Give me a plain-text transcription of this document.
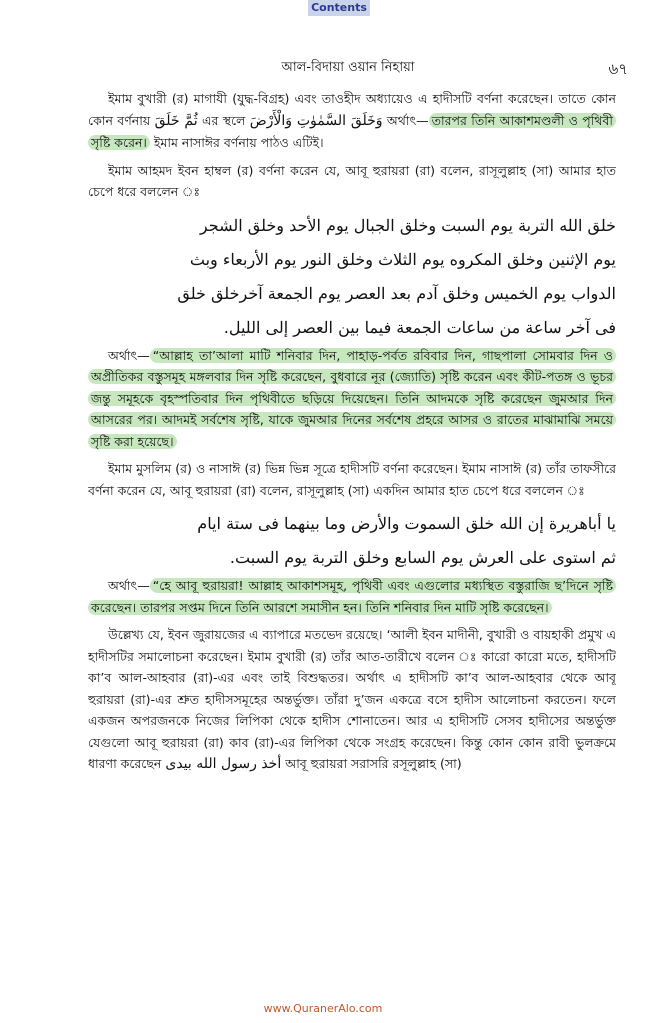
Contents
আল-বিদায়া ওয়ান নিহায়া	৬৭

ইমাম বুখারী (র) মাগাযী (যুদ্ধ-বিগ্রহ) এবং তাওহীদ অধ্যায়েও এ হাদীসটি বর্ণনা করেছেন। তাতে কোন কোন বর্ণনায় ثُمَّ خَلَقَ এর স্থলে وَخَلَقَ السَّمٰوٰتِ وَالْأَرْضَ অর্থাৎ— তারপর তিনি আকাশমণ্ডলী ও পৃথিবী সৃষ্টি করেন। ইমাম নাসাঈর বর্ণনায় পাঠও এটিই।

ইমাম আহমদ ইবন হাম্বল (র) বর্ণনা করেন যে, আবূ হুরায়রা (রা) বলেন, রাসূলুল্লাহ (সা) আমার হাত চেপে ধরে বললেন ঃ

خلق الله التربة يوم السبت وخلق الجبال يوم الأحد وخلق الشجر

يوم الإثنين وخلق المكروه يوم الثلاث وخلق النور يوم الأربعاء وبث

الدواب يوم الخميس وخلق آدم بعد العصر يوم الجمعة آخرخلق خلق

فى آخر ساعة من ساعات الجمعة فيما بين العصر إلى الليل.

অর্থাৎ— “আল্লাহ তা’আলা মাটি শনিবার দিন, পাহাড়-পর্বত রবিবার দিন, গাছপালা সোমবার দিন ও অপ্রীতিকর বস্তুসমূহ মঙ্গলবার দিন সৃষ্টি করেছেন, বুধবারে নূর (জ্যোতি) সৃষ্টি করেন এবং কীট-পতঙ্গ ও ভূচর জন্তু সমূহকে বৃহস্পতিবার দিন পৃথিবীতে ছড়িয়ে দিয়েছেন। তিনি আদমকে সৃষ্টি করেছেন জুমআর দিন আসরের পর। আদমই সর্বশেষ সৃষ্টি, যাকে জুমআর দিনের সর্বশেষ প্রহরে আসর ও রাতের মাঝামাঝি সময়ে সৃষ্টি করা হয়েছে।

ইমাম মুসলিম (র) ও নাসাঈ (র) ভিন্ন ভিন্ন সূত্রে হাদীসটি বর্ণনা করেছেন। ইমাম নাসাঈ (র) তাঁর তাফসীরে বর্ণনা করেন যে, আবূ হুরায়রা (রা) বলেন, রাসূলুল্লাহ (সা) একদিন আমার হাত চেপে ধরে বললেন ঃ

يا أباهريرة إن الله خلق السموت والأرض وما بينهما فى ستة ايام

ثم استوى على العرش يوم السابع وخلق التربة يوم السبت.

অর্থাৎ— “হে আবূ হুরায়রা! আল্লাহ আকাশসমূহ, পৃথিবী এবং এগুলোর মধ্যস্থিত বস্তুরাজি ছ’দিনে সৃষ্টি করেছেন। তারপর সপ্তম দিনে তিনি আরশে সমাসীন হন। তিনি শনিবার দিন মাটি সৃষ্টি করেছেন।

উল্লেখ্য যে, ইবন জুরায়জের এ ব্যাপারে মতভেদ রয়েছে। ‘আলী ইবন মাদীনী, বুখারী ও বায়হাকী প্রমুখ এ হাদীসটির সমালোচনা করেছেন। ইমাম বুখারী (র) তাঁর আত-তারীখে বলেন ঃ কারো কারো মতে, হাদীসটি কা’ব আল-আহবার (রা)-এর এবং তাই বিশুদ্ধতর। অর্থাৎ এ হাদীসটি কা’ব আল-আহবার থেকে আবূ হুরায়রা (রা)-এর শ্রুত হাদীসসমূহের অন্তর্ভুক্ত। তাঁরা দু’জন একত্রে বসে হাদীস আলোচনা করতেন। ফলে একজন অপরজনকে নিজের লিপিকা থেকে হাদীস শোনাতেন। আর এ হাদীসটি সেসব হাদীসের অন্তর্ভুক্ত যেগুলো আবূ হুরায়রা (রা) কাব (রা)-এর লিপিকা থেকে সংগ্রহ করেছেন। কিন্তু কোন কোন রাবী ভুলক্রমে ধারণা করেছেন أخذ رسول الله بيدى আবূ হুরায়রা সরাসরি রসূলুল্লাহ (সা)

www.QuranerAlo.com
